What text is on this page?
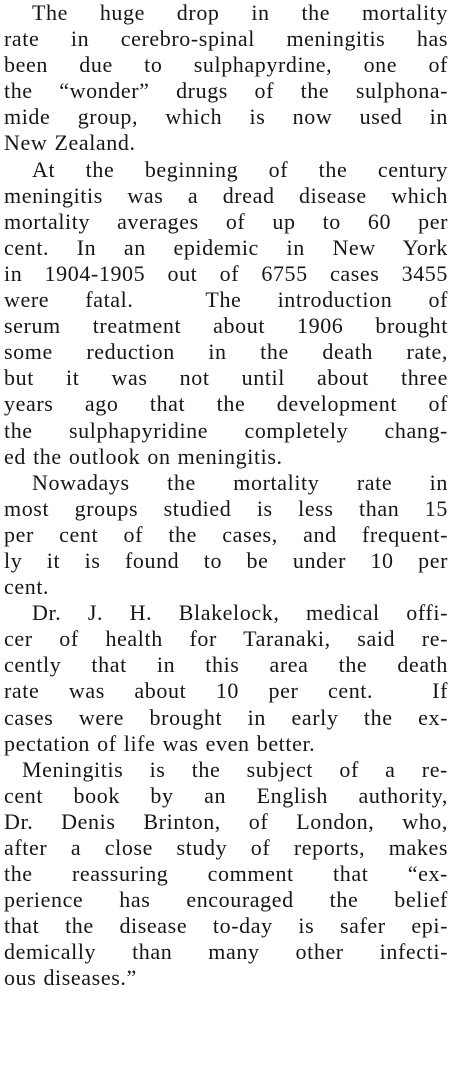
The huge drop in the mortality
rate in cerebro-spinal meningitis has
been due to sulphapyrdine, one of
the “wonder” drugs of the sulphona-
mide group, which is now used in
New Zealand.
At the beginning of the century
meningitis was a dread disease which
mortality averages of up to 60 per
cent. In an epidemic in New York
in 1904-1905 out of 6755 cases 3455
were fatal.  The introduction of
serum treatment about 1906 brought
some reduction in the death rate,
but it was not until about three
years ago that the development of
the sulphapyridine completely chang-
ed the outlook on meningitis.
Nowadays the mortality rate in
most groups studied is less than 15
per cent of the cases, and frequent-
ly it is found to be under 10 per
cent.
Dr. J. H. Blakelock, medical offi-
cer of health for Taranaki, said re-
cently that in this area the death
rate was about 10 per cent.  If
cases were brought in early the ex-
pectation of life was even better.
Meningitis is the subject of a re-
cent book by an English authority,
Dr. Denis Brinton, of London, who,
after a close study of reports, makes
the reassuring comment that “ex-
perience has encouraged the belief
that the disease to-day is safer epi-
demically than many other infecti-
ous diseases.”
